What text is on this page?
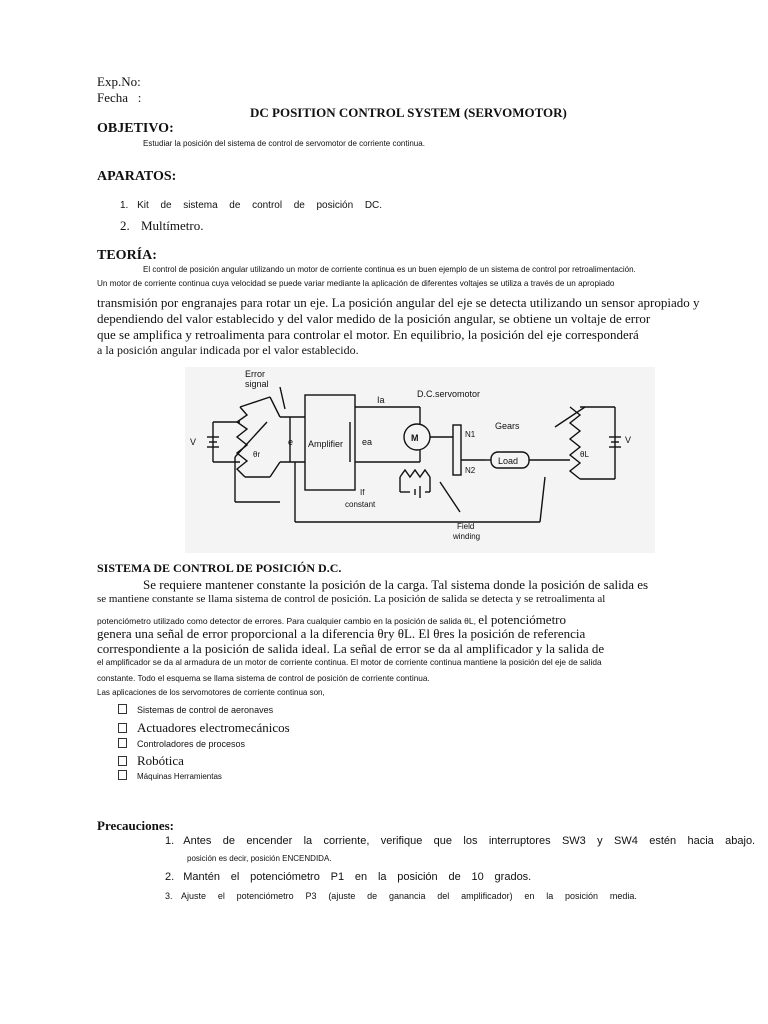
Exp.No:
Fecha   :
DC POSITION CONTROL SYSTEM (SERVOMOTOR)
OBJETIVO:
Estudiar la posición del sistema de control de servomotor de corriente continua.
APARATOS:
1. Kit de sistema de control de posición DC.
2. Multímetro.
TEORÍA:
El control de posición angular utilizando un motor de corriente continua es un buen ejemplo de un sistema de control por retroalimentación.
Un motor de corriente continua cuya velocidad se puede variar mediante la aplicación de diferentes voltajes se utiliza a través de un apropiado
transmisión por engranajes para rotar un eje. La posición angular del eje se detecta utilizando un sensor apropiado y
dependiendo del valor establecido y del valor medido de la posición angular, se obtiene un voltaje de error
que se amplifica y retroalimenta para controlar el motor. En equilibrio, la posición del eje corresponderá
a la posición angular indicada por el valor establecido.
Error
signal
V
θr
e Amplifier ea
Ia
D.C.servomotor
M	N1
N2
Gears
Load
θL
V
If
constant
Field
winding
SISTEMA DE CONTROL DE POSICIÓN D.C.
Se requiere mantener constante la posición de la carga. Tal sistema donde la posición de salida es
se mantiene constante se llama sistema de control de posición. La posición de salida se detecta y se retroalimenta al
potenciómetro utilizado como detector de errores. Para cualquier cambio en la posición de salida θL, el potenciómetro
genera una señal de error proporcional a la diferencia θry θL. El θres la posición de referencia
correspondiente a la posición de salida ideal. La señal de error se da al amplificador y la salida de
el amplificador se da al armadura de un motor de corriente continua. El motor de corriente continua mantiene la posición del eje de salida
constante. Todo el esquema se llama sistema de control de posición de corriente continua.
Las aplicaciones de los servomotores de corriente continua son,
Sistemas de control de aeronaves
Actuadores electromecánicos
Controladores de procesos
Robótica
Máquinas Herramientas
Precauciones:
1. Antes de encender la corriente, verifique que los interruptores SW3 y SW4 estén hacia abajo.
posición es decir, posición ENCENDIDA.
2. Mantén el potenciómetro P1 en la posición de 10 grados.
3. Ajuste el potenciómetro P3 (ajuste de ganancia del amplificador) en la posición media.
